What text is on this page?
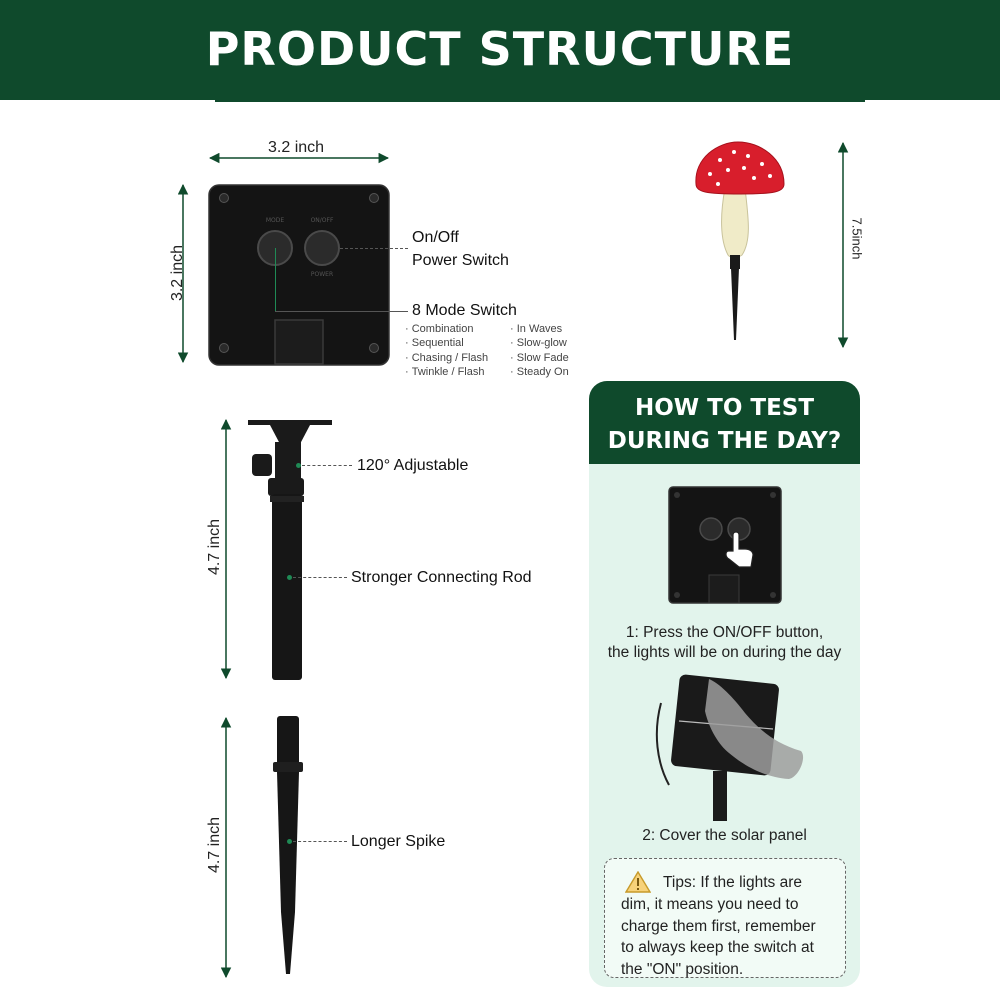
PRODUCT STRUCTURE
3.2 inch
3.2 inch
MODE	ON/OFF
POWER
On/Off
Power Switch
8 Mode Switch
· Combination
· Sequential
· Chasing / Flash
· Twinkle / Flash
· In Waves
· Slow-glow
· Slow Fade
· Steady On
7.5inch
4.7 inch
120° Adjustable
Stronger Connecting Rod
4.7 inch	Longer Spike
HOW TO TEST
DURING THE DAY?
1: Press the ON/OFF button,
the lights will be on during the day
2: Cover the solar panel
Tips: If the lights are
dim, it means you need to
charge them first, remember
to always keep the switch at
the "ON" position.
